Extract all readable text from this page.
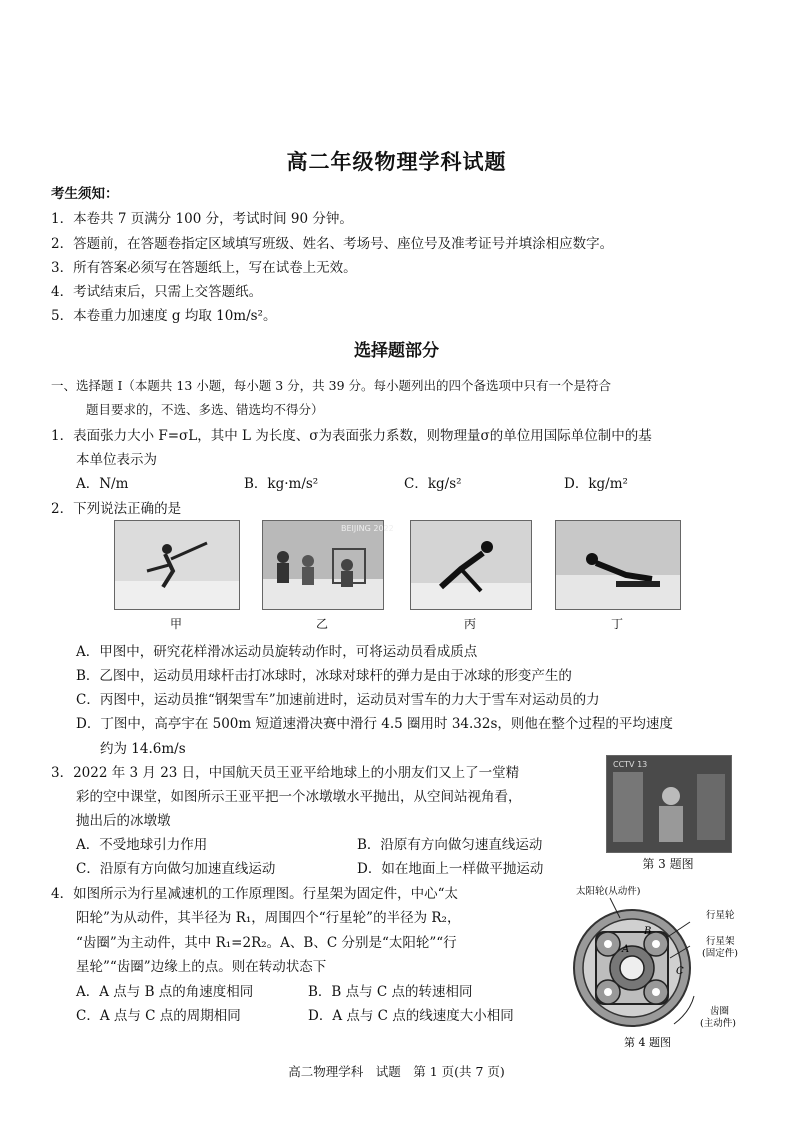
高二年级物理学科试题
考生须知：
1．本卷共 7 页满分 100 分，考试时间 90 分钟。
2．答题前，在答题卷指定区域填写班级、姓名、考场号、座位号及准考证号并填涂相应数字。
3．所有答案必须写在答题纸上，写在试卷上无效。
4．考试结束后，只需上交答题纸。
5．本卷重力加速度 g 均取 10m/s²。
选择题部分
一、选择题 I（本题共 13 小题，每小题 3 分，共 39 分。每小题列出的四个备选项中只有一个是符合
题目要求的，不选、多选、错选均不得分）
1．表面张力大小 F=σL，其中 L 为长度、σ为表面张力系数，则物理量σ的单位用国际单位制中的基
本单位表示为
A．N/m	B．kg·m/s²	C．kg/s²	D．kg/m²
2．下列说法正确的是
BEIJING 2022
甲	乙	丙	丁
A．甲图中，研究花样滑冰运动员旋转动作时，可将运动员看成质点
B．乙图中，运动员用球杆击打冰球时，冰球对球杆的弹力是由于冰球的形变产生的
C．丙图中，运动员推“钢架雪车”加速前进时，运动员对雪车的力大于雪车对运动员的力
D．丁图中，高亭宇在 500m 短道速滑决赛中滑行 4.5 圈用时 34.32s，则他在整个过程的平均速度
约为 14.6m/s
3．2022 年 3 月 23 日，中国航天员王亚平给地球上的小朋友们又上了一堂精
彩的空中课堂，如图所示王亚平把一个冰墩墩水平抛出，从空间站视角看，
抛出后的冰墩墩
A．不受地球引力作用	B．沿原有方向做匀速直线运动
C．沿原有方向做匀加速直线运动	D．如在地面上一样做平抛运动
CCTV 13
第 3 题图
4．如图所示为行星减速机的工作原理图。行星架为固定件，中心“太
阳轮”为从动件，其半径为 R₁，周围四个“行星轮”的半径为 R₂，
“齿圈”为主动件，其中 R₁=2R₂。A、B、C 分别是“太阳轮”“行
星轮”“齿圈”边缘上的点。则在转动状态下
A．A 点与 B 点的角速度相同	B．B 点与 C 点的转速相同
C．A 点与 C 点的周期相同	D．A 点与 C 点的线速度大小相同
A
B
C
太阳轮(从动件)
行星轮
行星架
(固定件)
齿圈
(主动件)
第 4 题图
高二物理学科　试题　第 1 页(共 7 页)
